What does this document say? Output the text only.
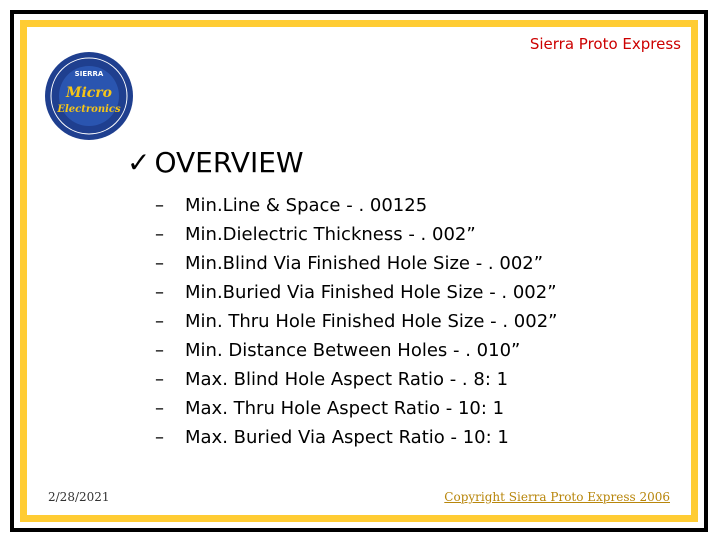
Sierra Proto Express
SIERRA
Micro
Electronics
✓ OVERVIEW
–	Min.Line & Space - . 00125
–	Min.Dielectric Thickness - . 002”
–	Min.Blind Via Finished Hole Size - . 002”
–	Min.Buried Via Finished Hole Size - . 002”
–	Min. Thru Hole Finished Hole Size - . 002”
–	Min. Distance Between Holes - . 010”
–	Max. Blind Hole Aspect Ratio - . 8: 1
–	Max. Thru Hole Aspect Ratio - 10: 1
–	Max. Buried Via Aspect Ratio - 10: 1
2/28/2021	Copyright Sierra Proto Express 2006
